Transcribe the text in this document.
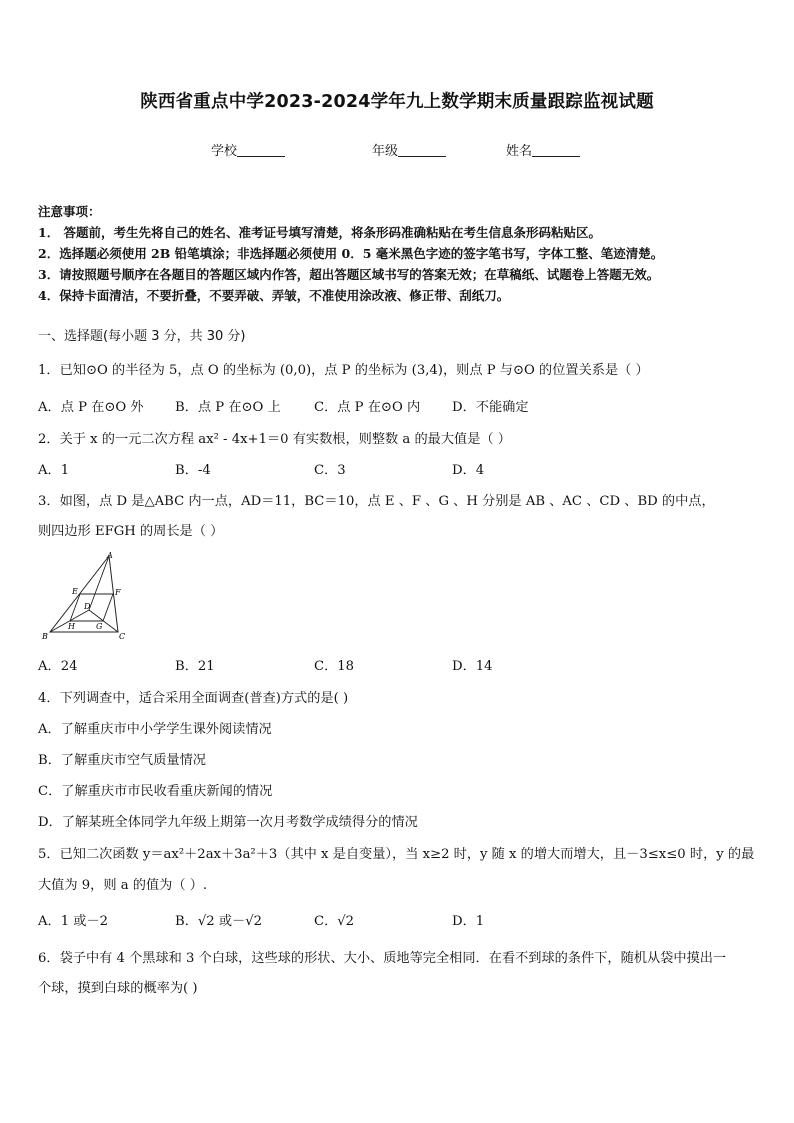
陕西省重点中学2023-2024学年九上数学期末质量跟踪监视试题
学校	年级	姓名
注意事项：
1． 答题前，考生先将自己的姓名、准考证号填写清楚，将条形码准确粘贴在考生信息条形码粘贴区。
2．选择题必须使用 2B 铅笔填涂；非选择题必须使用 0．5 毫米黑色字迹的签字笔书写，字体工整、笔迹清楚。
3．请按照题号顺序在各题目的答题区域内作答，超出答题区域书写的答案无效；在草稿纸、试题卷上答题无效。
4．保持卡面清洁，不要折叠，不要弄破、弄皱，不准使用涂改液、修正带、刮纸刀。
一、选择题(每小题 3 分，共 30 分)
1．已知⊙O 的半径为 5，点 O 的坐标为 (0,0)，点 P 的坐标为 (3,4)，则点 P 与⊙O 的位置关系是（ ）
A．点 P 在⊙O 外 B．点 P 在⊙O 上	C．点 P 在⊙O 内 D．不能确定
2．关于 x 的一元二次方程 ax² - 4x+1＝0 有实数根，则整数 a 的最大值是（ ）
A．1	B．-4	C．3	D．4
3．如图，点 D 是△ABC 内一点，AD＝11，BC＝10，点 E 、F 、G 、H 分别是 AB 、AC 、CD 、BD 的中点，
则四边形 EFGH 的周长是（ ）
A
B	C
D
E	F
G
H
A．24	B．21	C．18	D．14
4．下列调查中，适合采用全面调查(普查)方式的是( )
A．了解重庆市中小学学生课外阅读情况
B．了解重庆市空气质量情况
C．了解重庆市市民收看重庆新闻的情况
D．了解某班全体同学九年级上期第一次月考数学成绩得分的情况
5．已知二次函数 y＝ax²＋2ax＋3a²＋3（其中 x 是自变量），当 x≥2 时，y 随 x 的增大而增大，且－3≤x≤0 时，y 的最
大值为 9，则 a 的值为（ ）.
A．1 或－2	B．√2 或－√2	C．√2	D．1
6．袋子中有 4 个黑球和 3 个白球，这些球的形状、大小、质地等完全相同．在看不到球的条件下，随机从袋中摸出一
个球，摸到白球的概率为( )
